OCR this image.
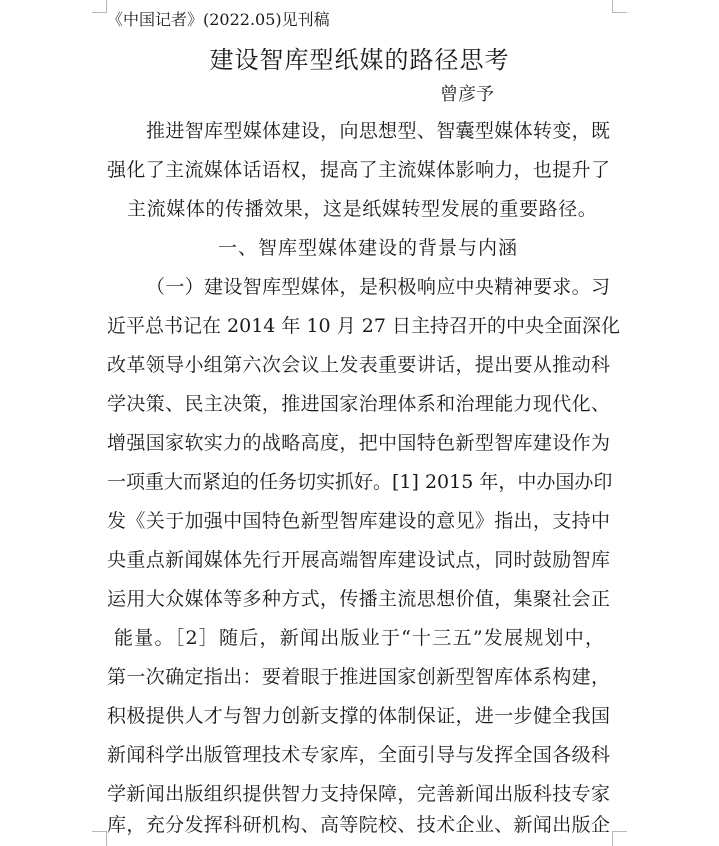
《中国记者》(2022.05)见刊稿
建设智库型纸媒的路径思考
曾彦予
推进智库型媒体建设，向思想型、智囊型媒体转变，既
强化了主流媒体话语权，提高了主流媒体影响力，也提升了
主流媒体的传播效果，这是纸媒转型发展的重要路径。
一、智库型媒体建设的背景与内涵
（一）建设智库型媒体，是积极响应中央精神要求。习
近平总书记在 2014 年 10 月 27 日主持召开的中央全面深化
改革领导小组第六次会议上发表重要讲话，提出要从推动科
学决策、民主决策，推进国家治理体系和治理能力现代化、
增强国家软实力的战略高度，把中国特色新型智库建设作为
一项重大而紧迫的任务切实抓好。[1] 2015 年，中办国办印
发《关于加强中国特色新型智库建设的意见》指出，支持中
央重点新闻媒体先行开展高端智库建设试点，同时鼓励智库
运用大众媒体等多种方式，传播主流思想价值，集聚社会正
能量。［2］随后，新闻出版业于“十三五”发展规划中，
第一次确定指出：要着眼于推进国家创新型智库体系构建，
积极提供人才与智力创新支撑的体制保证，进一步健全我国
新闻科学出版管理技术专家库，全面引导与发挥全国各级科
学新闻出版组织提供智力支持保障，完善新闻出版科技专家
库，充分发挥科研机构、高等院校、技术企业、新闻出版企
